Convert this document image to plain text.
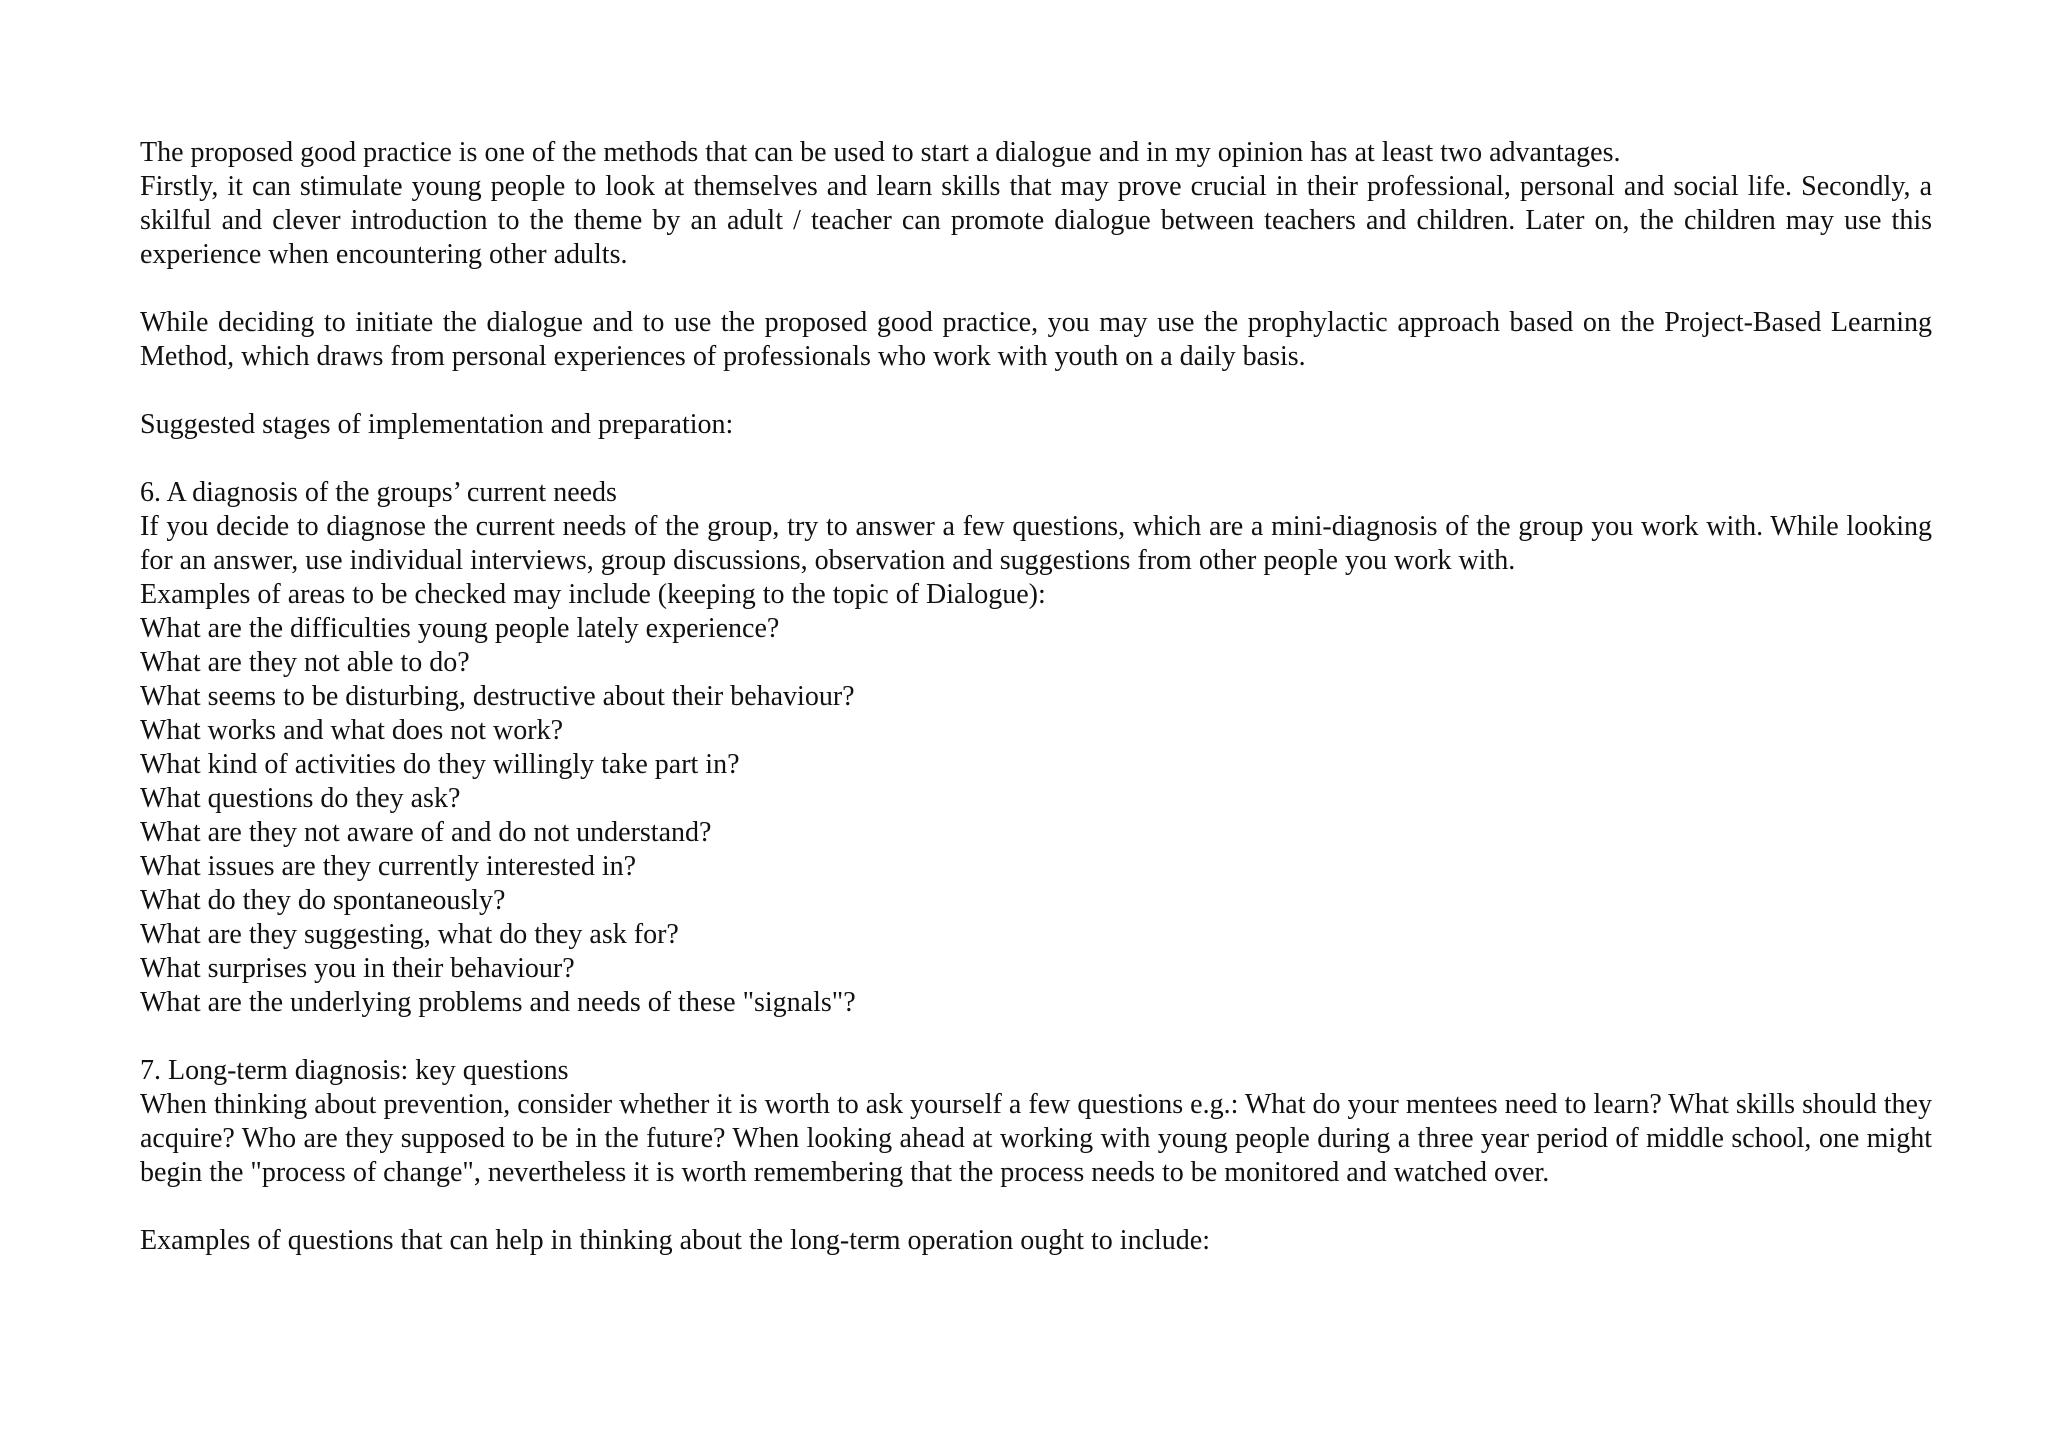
The proposed good practice is one of the methods that can be used to start a dialogue and in my opinion has at least two advantages.

Firstly, it can stimulate young people to look at themselves and learn skills that may prove crucial in their professional, personal and social life. Secondly, a skilful and clever introduction to the theme by an adult / teacher can promote dialogue between teachers and children. Later on, the children may use this experience when encountering other adults.

While deciding to initiate the dialogue and to use the proposed good practice, you may use the prophylactic approach based on the Project-Based Learning Method, which draws from personal experiences of professionals who work with youth on a daily basis.

Suggested stages of implementation and preparation:

6. A diagnosis of the groups’ current needs

If you decide to diagnose the current needs of the group, try to answer a few questions, which are a mini-diagnosis of the group you work with. While looking for an answer, use individual interviews, group discussions, observation and suggestions from other people you work with.

Examples of areas to be checked may include (keeping to the topic of Dialogue):

What are the difficulties young people lately experience?
What are they not able to do?
What seems to be disturbing, destructive about their behaviour?
What works and what does not work?
What kind of activities do they willingly take part in?
What questions do they ask?
What are they not aware of and do not understand?
What issues are they currently interested in?
What do they do spontaneously?
What are they suggesting, what do they ask for?
What surprises you in their behaviour?
What are the underlying problems and needs of these "signals"?

7. Long-term diagnosis: key questions

When thinking about prevention, consider whether it is worth to ask yourself a few questions e.g.: What do your mentees need to learn? What skills should they acquire? Who are they supposed to be in the future? When looking ahead at working with young people during a three year period of middle school, one might begin the "process of change", nevertheless it is worth remembering that the process needs to be monitored and watched over.

Examples of questions that can help in thinking about the long-term operation ought to include:
